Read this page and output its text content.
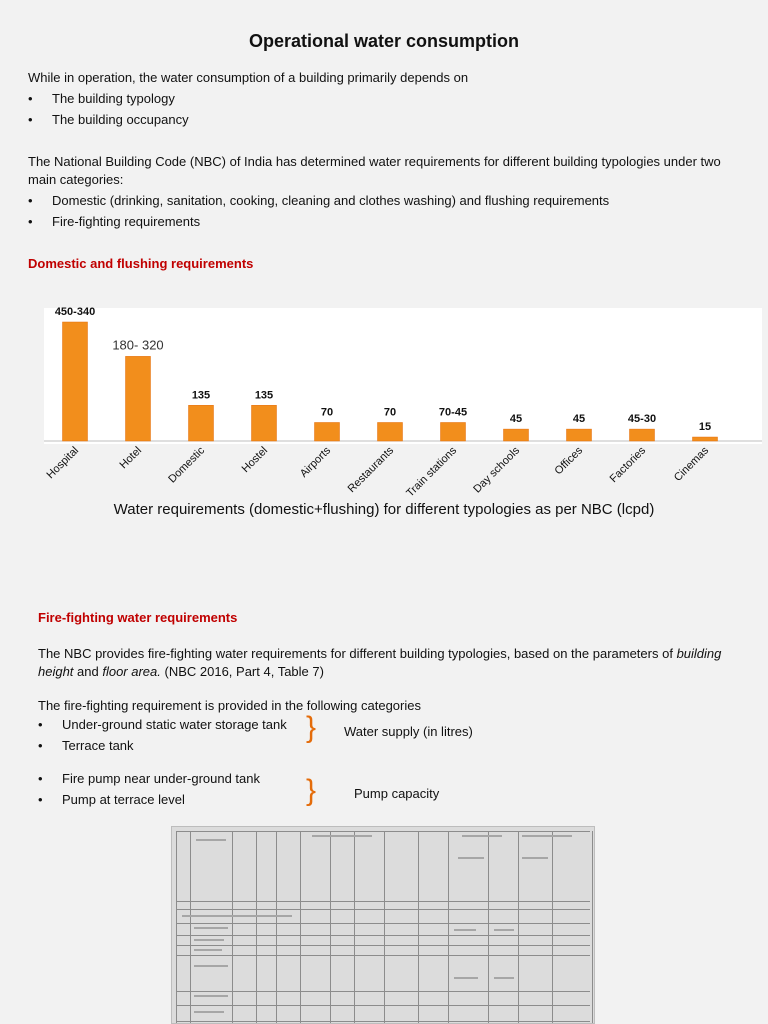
Operational water consumption

While in operation, the water consumption of a building primarily depends on

• The building typology
• The building occupancy

The National Building Code (NBC) of India has determined water requirements for different building typologies under two main categories:

• Domestic (drinking, sanitation, cooking, cleaning and clothes washing) and flushing requirements
• Fire-fighting requirements
Domestic and flushing requirements
450-340
Hospital
180- 320
Hotel
135
Domestic
135
Hostel
70
Airports
70
Restaurants
70-45
Train stations
45
Day schools
45
Offices
45-30
Factories
15
Cinemas
Water requirements (domestic+flushing) for different typologies as per NBC (lcpd)
Fire-fighting water requirements

The NBC provides fire-fighting water requirements for different building typologies, based on the parameters of building height and floor area. (NBC 2016, Part 4, Table 7)

The fire-fighting requirement is provided in the following categories

• Under-ground static water storage tank
• Terrace tank
} Water supply (in litres)
• Fire pump near under-ground tank
• Pump at terrace level	}	Pump capacity
